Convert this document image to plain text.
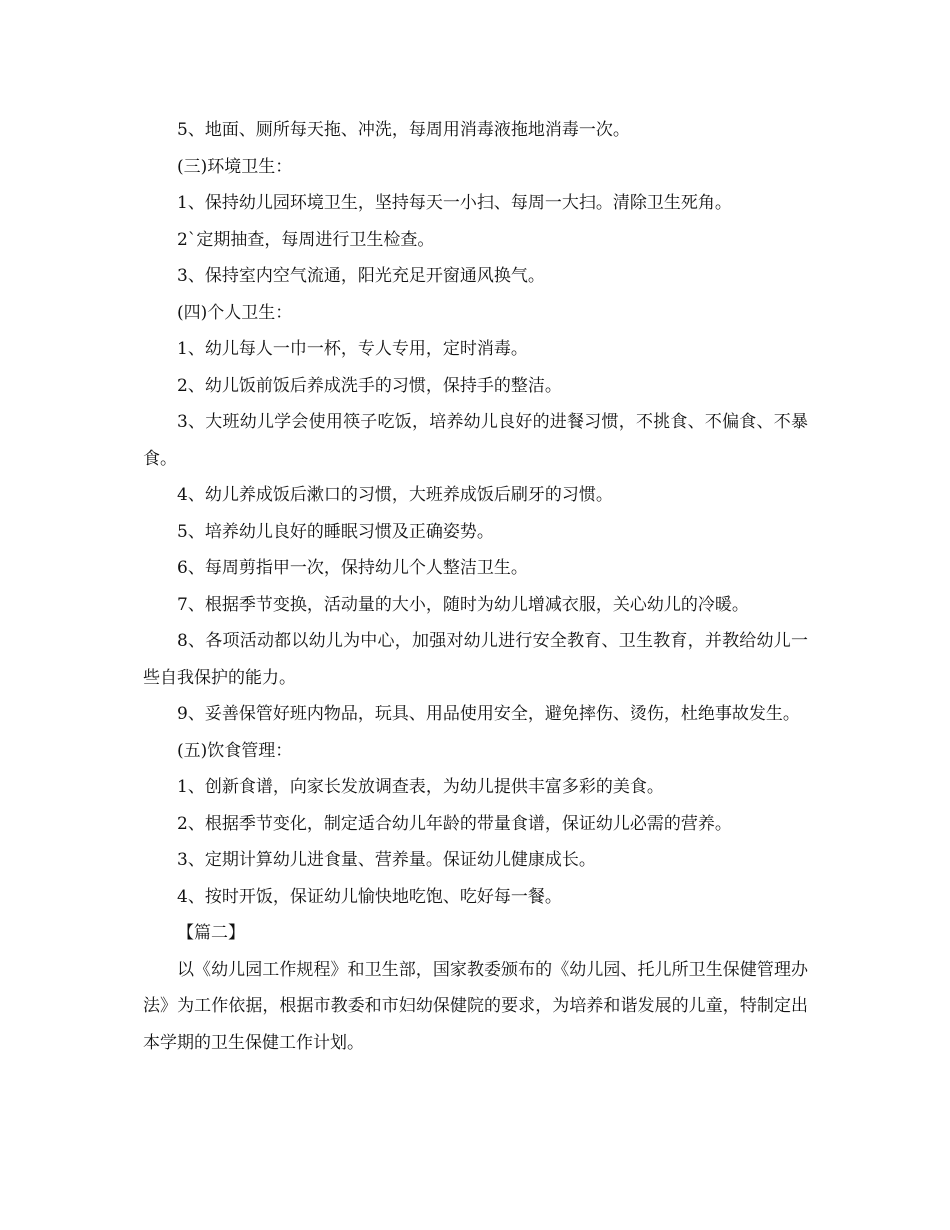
5、地面、厕所每天拖、冲洗，每周用消毒液拖地消毒一次。

(三)环境卫生：

1、保持幼儿园环境卫生，坚持每天一小扫、每周一大扫。清除卫生死角。

2`定期抽查，每周进行卫生检查。

3、保持室内空气流通，阳光充足开窗通风换气。

(四)个人卫生：

1、幼儿每人一巾一杯，专人专用，定时消毒。

2、幼儿饭前饭后养成洗手的习惯，保持手的整洁。

3、大班幼儿学会使用筷子吃饭，培养幼儿良好的进餐习惯，不挑食、不偏食、不暴食。

4、幼儿养成饭后漱口的习惯，大班养成饭后刷牙的习惯。

5、培养幼儿良好的睡眠习惯及正确姿势。

6、每周剪指甲一次，保持幼儿个人整洁卫生。

7、根据季节变换，活动量的大小，随时为幼儿增减衣服，关心幼儿的冷暖。

8、各项活动都以幼儿为中心，加强对幼儿进行安全教育、卫生教育，并教给幼儿一些自我保护的能力。

9、妥善保管好班内物品，玩具、用品使用安全，避免摔伤、烫伤，杜绝事故发生。

(五)饮食管理：

1、创新食谱，向家长发放调查表，为幼儿提供丰富多彩的美食。

2、根据季节变化，制定适合幼儿年龄的带量食谱，保证幼儿必需的营养。

3、定期计算幼儿进食量、营养量。保证幼儿健康成长。

4、按时开饭，保证幼儿愉快地吃饱、吃好每一餐。

【篇二】

以《幼儿园工作规程》和卫生部，国家教委颁布的《幼儿园、托儿所卫生保健管理办法》为工作依据，根据市教委和市妇幼保健院的要求，为培养和谐发展的儿童，特制定出本学期的卫生保健工作计划。
